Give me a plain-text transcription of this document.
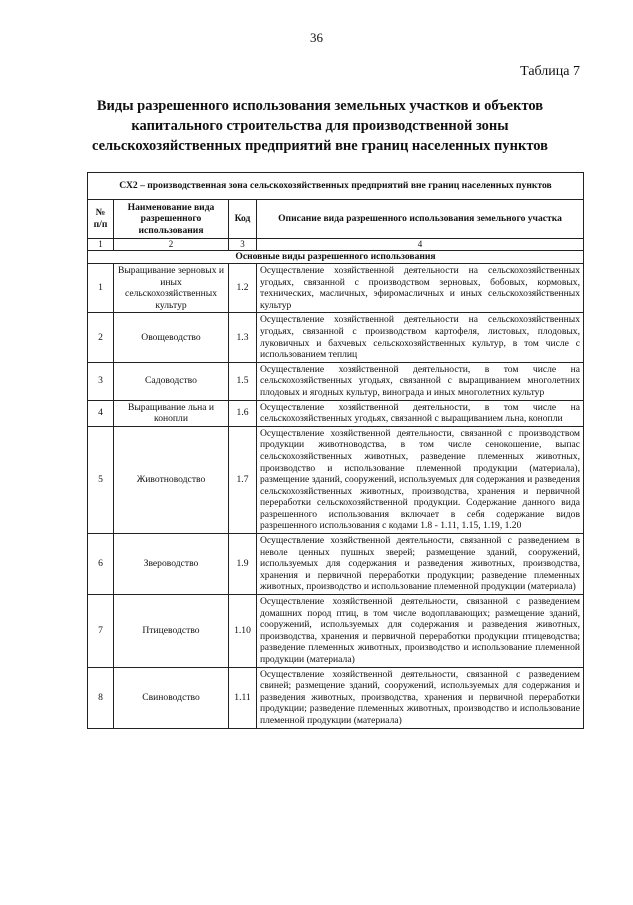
36
Таблица 7
Виды разрешенного использования земельных участков и объектов
капитального строительства для производственной зоны
сельскохозяйственных предприятий вне границ населенных пунктов
СХ2 – производственная зона сельскохозяйственных предприятий вне границ населенных пунктов			
№ п/п	Наименование вида разрешенного использования	Код	Описание вида разрешенного использования земельного участка
1	2	3	4
Основные виды разрешенного использования			
1	Выращивание зерновых и иных сельскохозяйственных культур	1.2	Осуществление хозяйственной деятельности на сельскохозяйственных угодьях, связанной с производством зерновых, бобовых, кормовых, технических, масличных, эфиромасличных и иных сельскохозяйственных культур
2	Овощеводство	1.3	Осуществление хозяйственной деятельности на сельскохозяйственных угодьях, связанной с производством картофеля, листовых, плодовых, луковичных и бахчевых сельскохозяйственных культур, в том числе с использованием теплиц
3	Садоводство	1.5	Осуществление хозяйственной деятельности, в том числе на сельскохозяйственных угодьях, связанной с выращиванием многолетних плодовых и ягодных культур, винограда и иных многолетних культур
4	Выращивание льна и конопли	1.6	Осуществление хозяйственной деятельности, в том числе на сельскохозяйственных угодьях, связанной с выращиванием льна, конопли
5	Животноводство	1.7	Осуществление хозяйственной деятельности, связанной с производством продукции животноводства, в том числе сенокошение, выпас сельскохозяйственных животных, разведение племенных животных, производство и использование племенной продукции (материала), размещение зданий, сооружений, используемых для содержания и разведения сельскохозяйственных животных, производства, хранения и первичной переработки сельскохозяйственной продукции. Содержание данного вида разрешенного использования включает в себя содержание видов разрешенного использования с кодами 1.8 - 1.11, 1.15, 1.19, 1.20
6	Звероводство	1.9	Осуществление хозяйственной деятельности, связанной с разведением в неволе ценных пушных зверей; размещение зданий, сооружений, используемых для содержания и разведения животных, производства, хранения и первичной переработки продукции; разведение племенных животных, производство и использование племенной продукции (материала)
7	Птицеводство	1.10	Осуществление хозяйственной деятельности, связанной с разведением домашних пород птиц, в том числе водоплавающих; размещение зданий, сооружений, используемых для содержания и разведения животных, производства, хранения и первичной переработки продукции птицеводства; разведение племенных животных, производство и использование племенной продукции (материала)
8	Свиноводство	1.11	Осуществление хозяйственной деятельности, связанной с разведением свиней; размещение зданий, сооружений, используемых для содержания и разведения животных, производства, хранения и первичной переработки продукции; разведение племенных животных, производство и использование племенной продукции (материала)
